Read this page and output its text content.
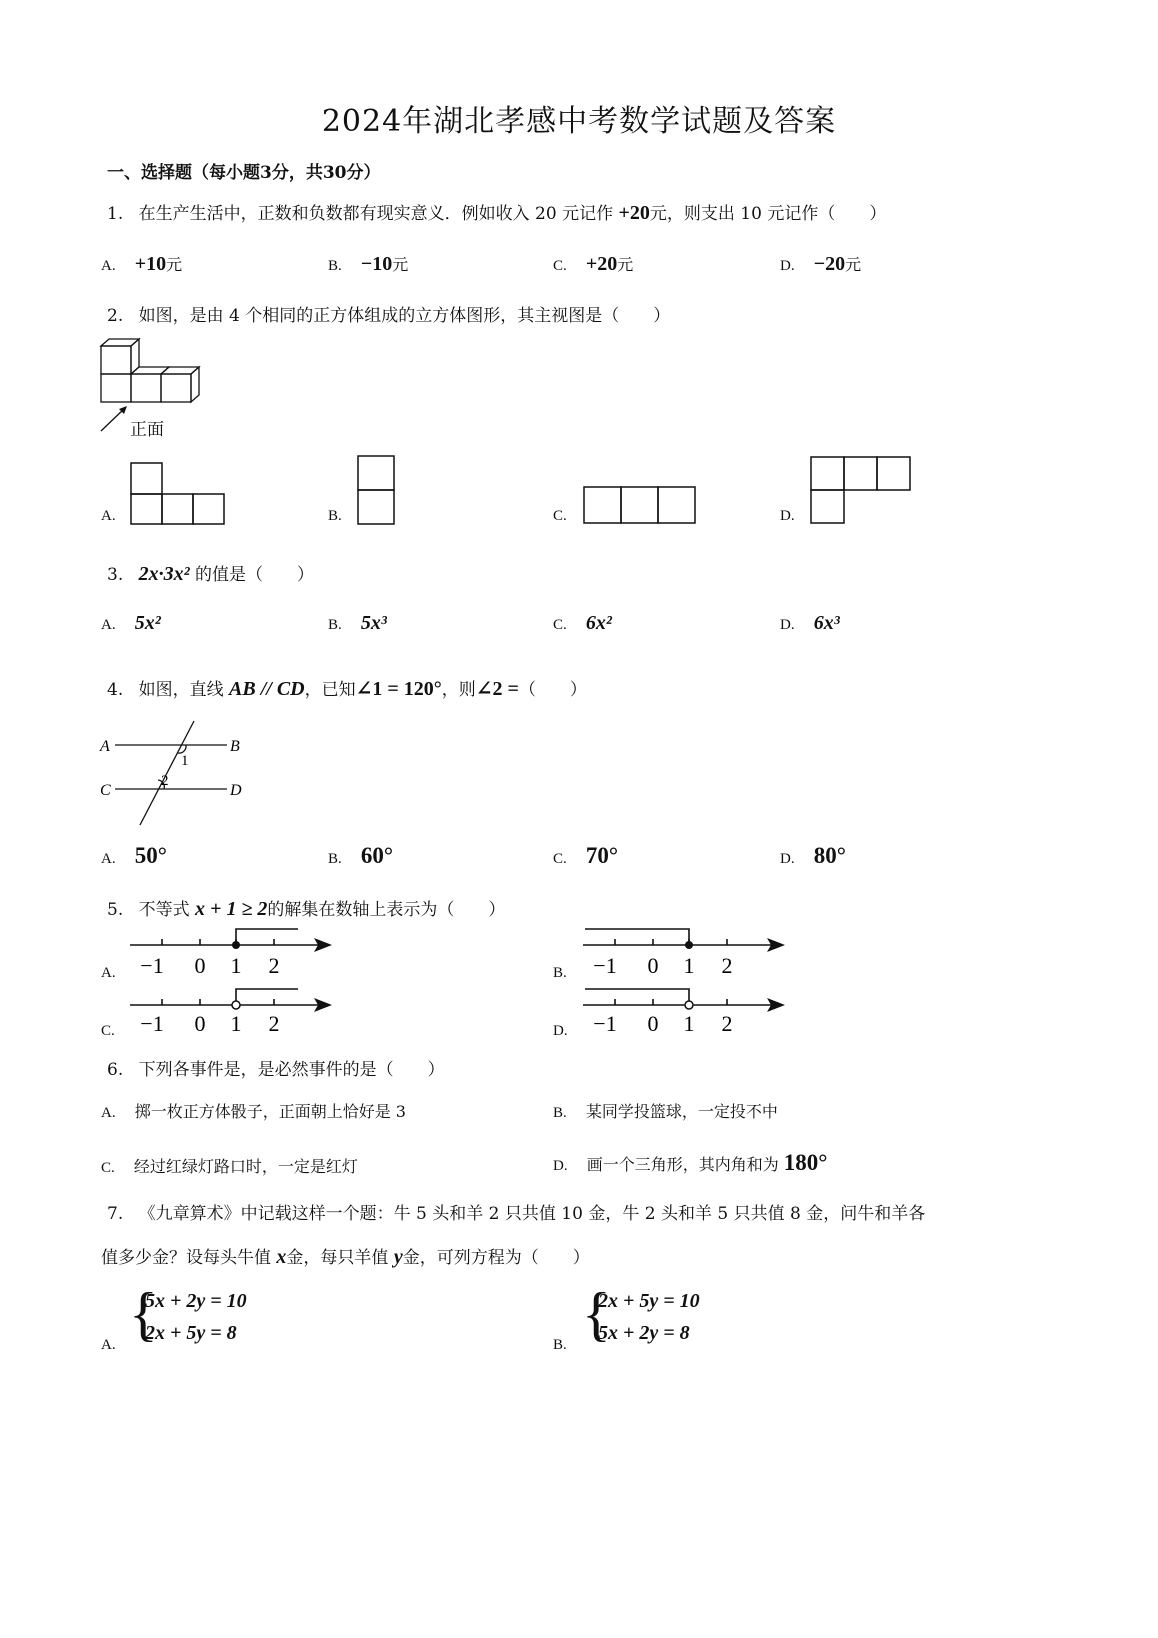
2024年湖北孝感中考数学试题及答案
一、选择题（每小题3分，共30分）
1. 在生产生活中，正数和负数都有现实意义．例如收入 20 元记作 +20元，则支出 10 元记作（　　）
A. +10元	B. −10元	C. +20元	D. −20元
2. 如图，是由 4 个相同的正方体组成的立方体图形，其主视图是（　　）
正面
A.	B.	C.	D.
3. 2x·3x² 的值是（　　）
A. 5x²	B. 5x³	C. 6x²	D. 6x³
4. 如图，直线 AB // CD，已知∠1 = 120°，则∠2 =（　　）
A	B
C	D
1
2
A. 50°	B. 60°	C. 70°	D. 80°
5. 不等式 x + 1 ≥ 2的解集在数轴上表示为（　　）
A. −1 0 1 2	B. −1 0 1 2
C. −1 0 1 2	D. −1 0 1 2
6. 下列各事件是，是必然事件的是（　　）
A. 掷一枚正方体骰子，正面朝上恰好是 3	B. 某同学投篮球，一定投不中
C. 经过红绿灯路口时，一定是红灯	D. 画一个三角形，其内角和为 180°
7. 《九章算术》中记载这样一个题：牛 5 头和羊 2 只共值 10 金，牛 2 头和羊 5 只共值 8 金，问牛和羊各
值多少金？设每头牛值 x金，每只羊值 y金，可列方程为（　　）
A. {
5x + 2y = 10
2x + 5y = 8
B. {
2x + 5y = 10
5x + 2y = 8
